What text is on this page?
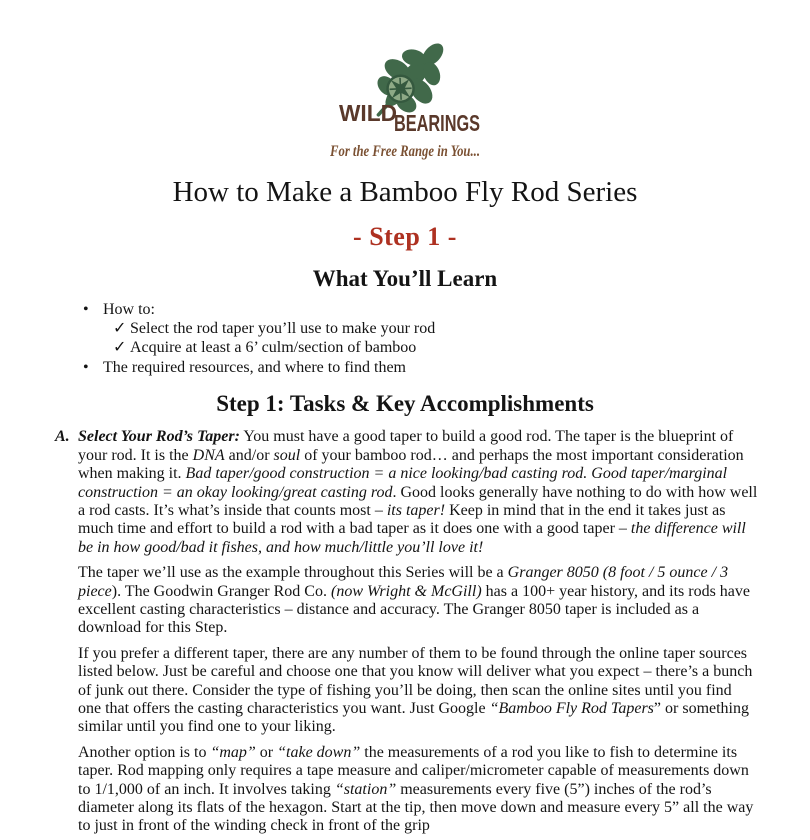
WILD
BEARINGS
For the Free Range in You...
How to Make a Bamboo Fly Rod Series
- Step 1 -
What You’ll Learn
• How to:
✓ Select the rod taper you’ll use to make your rod
✓ Acquire at least a 6’ culm/section of bamboo
• The required resources, and where to find them
Step 1: Tasks & Key Accomplishments
A. Select Your Rod’s Taper: You must have a good taper to build a good rod. The taper is the blueprint of your rod. It is the DNA and/or soul of your bamboo rod… and perhaps the most important consideration when making it. Bad taper/good construction = a nice looking/bad casting rod. Good taper/marginal construction = an okay looking/great casting rod. Good looks generally have nothing to do with how well a rod casts. It’s what’s inside that counts most – its taper! Keep in mind that in the end it takes just as much time and effort to build a rod with a bad taper as it does one with a good taper – the difference will be in how good/bad it fishes, and how much/little you’ll love it!

The taper we’ll use as the example throughout this Series will be a Granger 8050 (8 foot / 5 ounce / 3 piece). The Goodwin Granger Rod Co. (now Wright & McGill) has a 100+ year history, and its rods have excellent casting characteristics – distance and accuracy. The Granger 8050 taper is included as a download for this Step.

If you prefer a different taper, there are any number of them to be found through the online taper sources listed below. Just be careful and choose one that you know will deliver what you expect – there’s a bunch of junk out there. Consider the type of fishing you’ll be doing, then scan the online sites until you find one that offers the casting characteristics you want. Just Google “Bamboo Fly Rod Tapers” or something similar until you find one to your liking.

Another option is to “map” or “take down” the measurements of a rod you like to fish to determine its taper. Rod mapping only requires a tape measure and caliper/micrometer capable of measurements down to 1/1,000 of an inch. It involves taking “station” measurements every five (5”) inches of the rod’s diameter along its flats of the hexagon. Start at the tip, then move down and measure every 5” all the way to just in front of the winding check in front of the grip
